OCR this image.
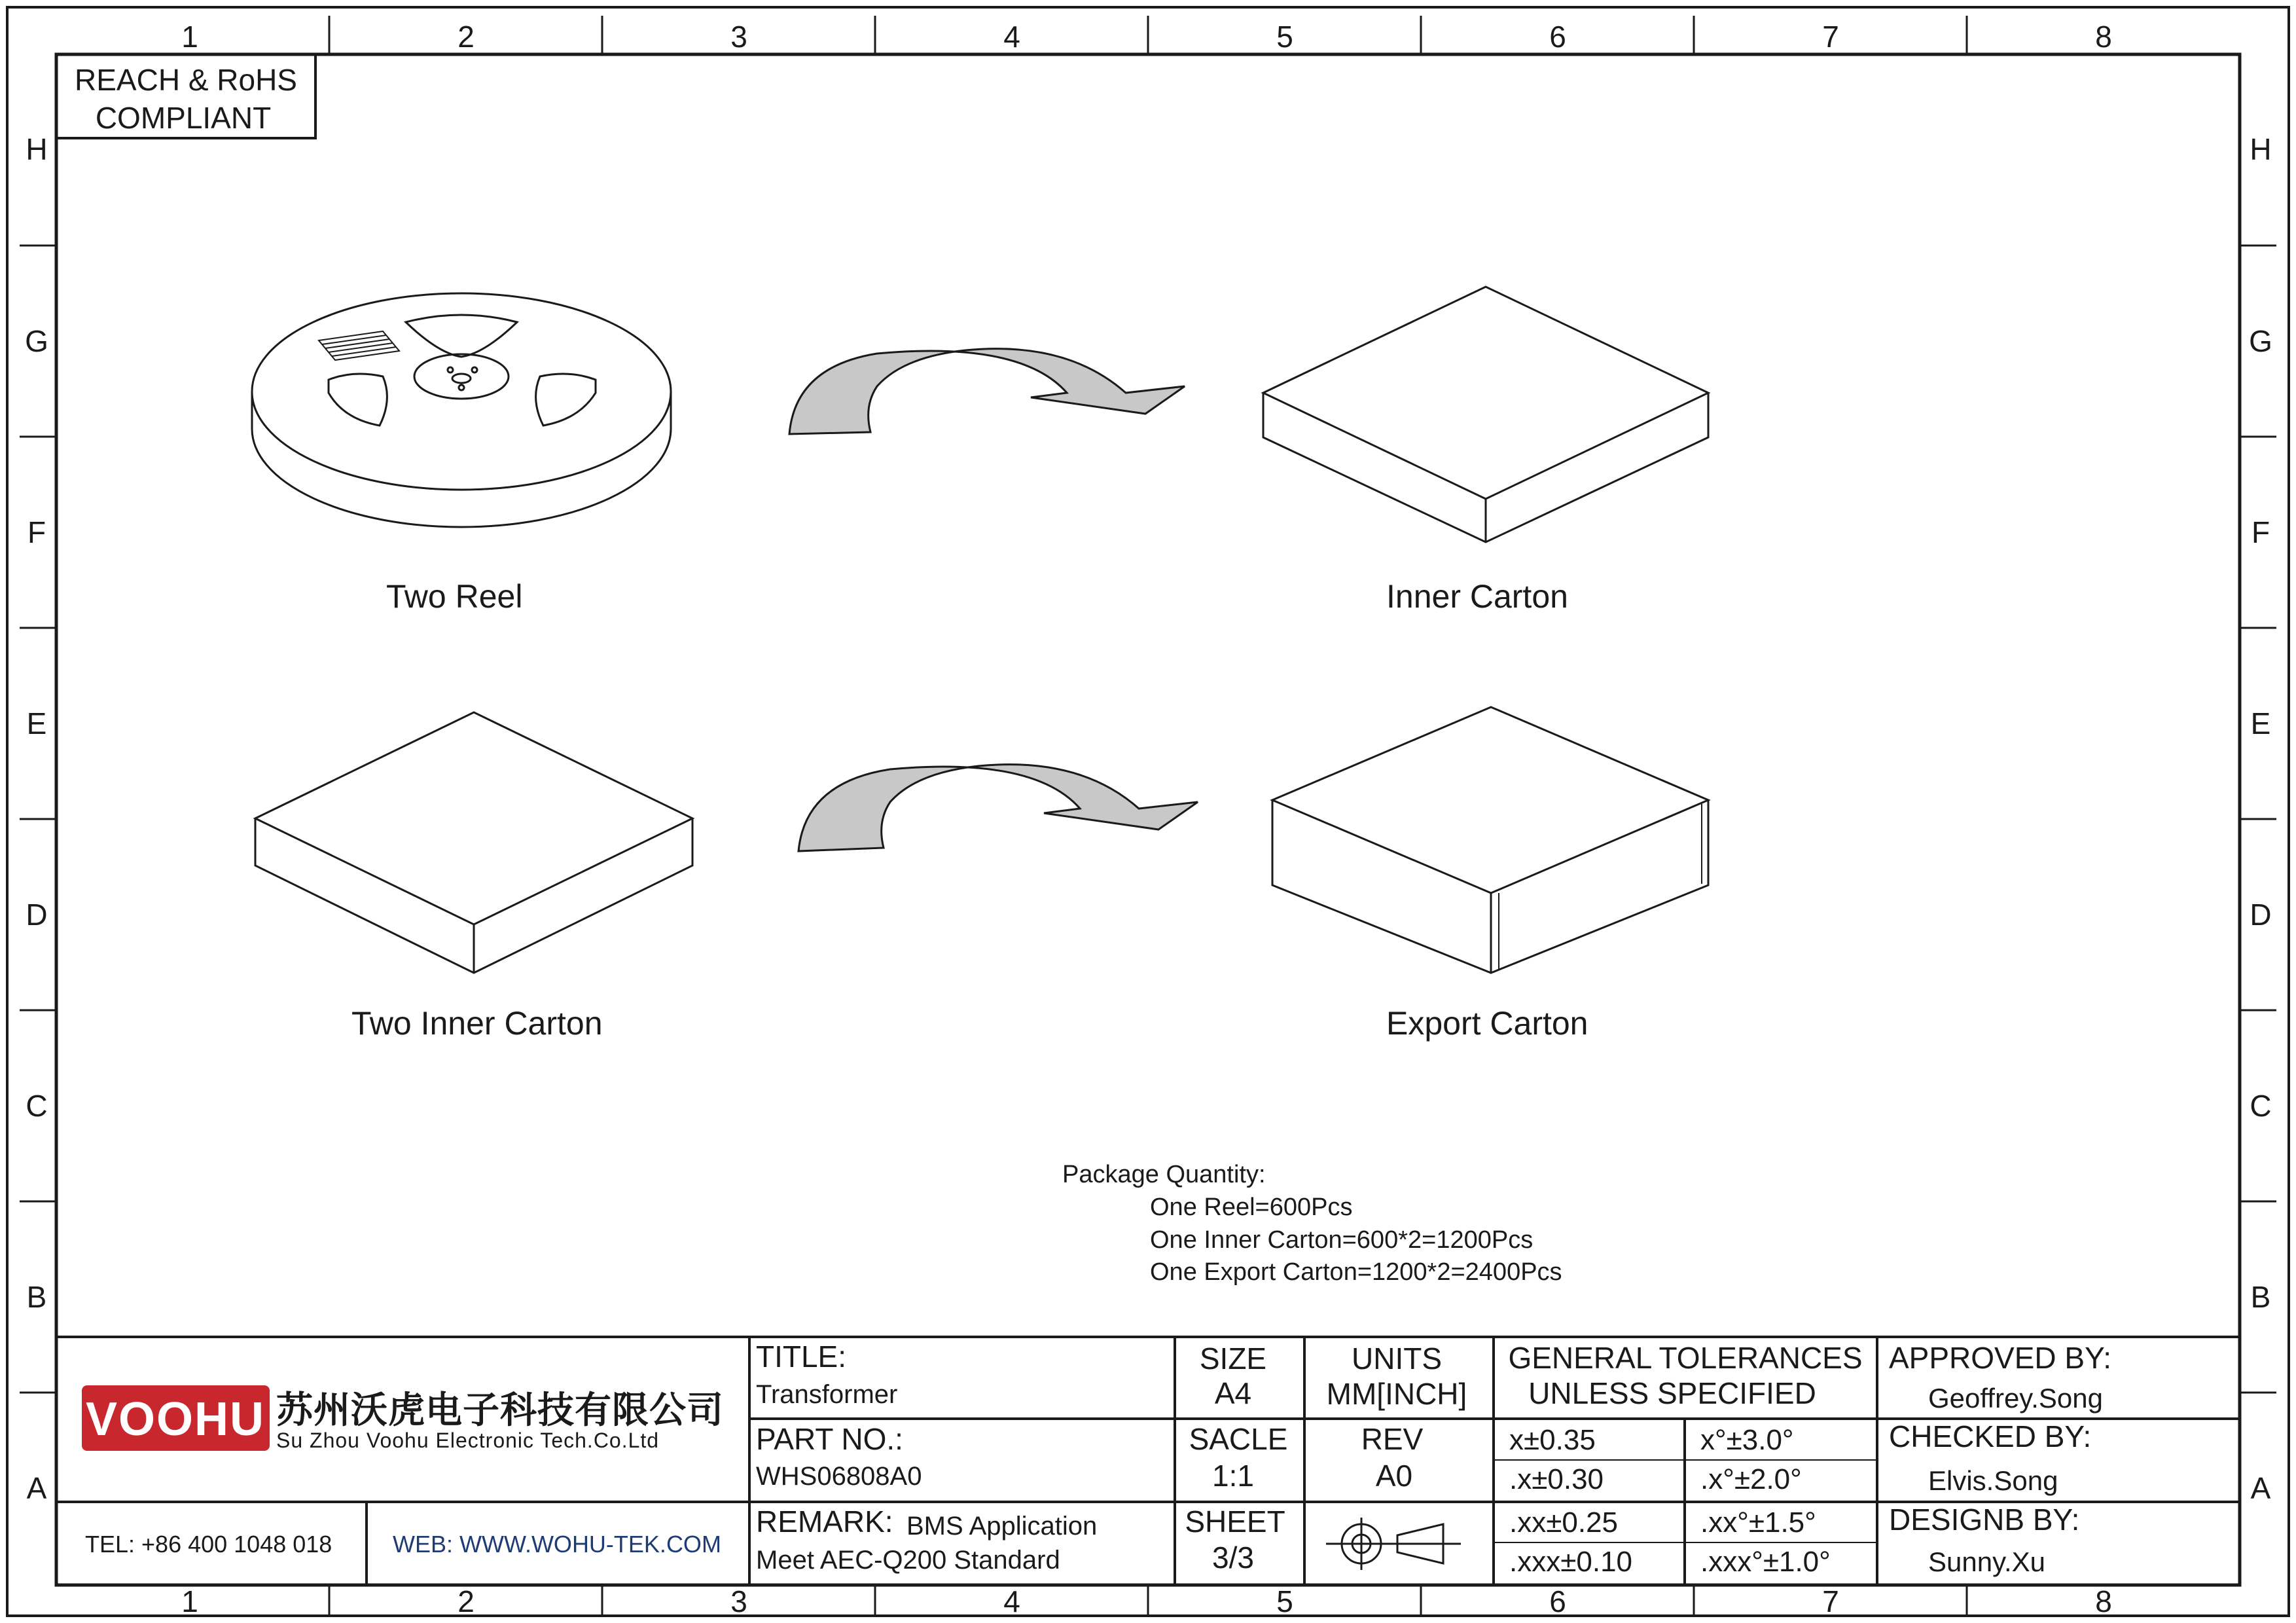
1	2	3	4	5	6	7	8
1	2	3	4	5	6	7	8
H
G
F
E
D
C
B
A
H
G
F
E
D
C
B
A
REACH & RoHS
COMPLIANT
Two Reel	Inner Carton
Two Inner Carton	Export Carton
Package Quantity:
One Reel=600Pcs
One Inner Carton=600*2=1200Pcs
One Export Carton=1200*2=2400Pcs
VOOHU 苏州沃虎电子科技有限公司
Su Zhou Voohu Electronic Tech.Co.Ltd
TEL: +86 400 1048 018	WEB: WWW.WOHU-TEK.COM
TITLE:
Transformer
PART NO.:
WHS06808A0
REMARK: BMS Application
Meet AEC-Q200 Standard
SIZE
A4
SACLE
1:1
SHEET
3/3
UNITS
MM[INCH]
REV
A0
GENERAL TOLERANCES
UNLESS SPECIFIED
x±0.35	x°±3.0°
.x±0.30	.x°±2.0°
.xx±0.25	.xx°±1.5°
.xxx±0.10 .xxx°±1.0°
APPROVED BY:
Geoffrey.Song
CHECKED BY:
Elvis.Song
DESIGNB BY:
Sunny.Xu
